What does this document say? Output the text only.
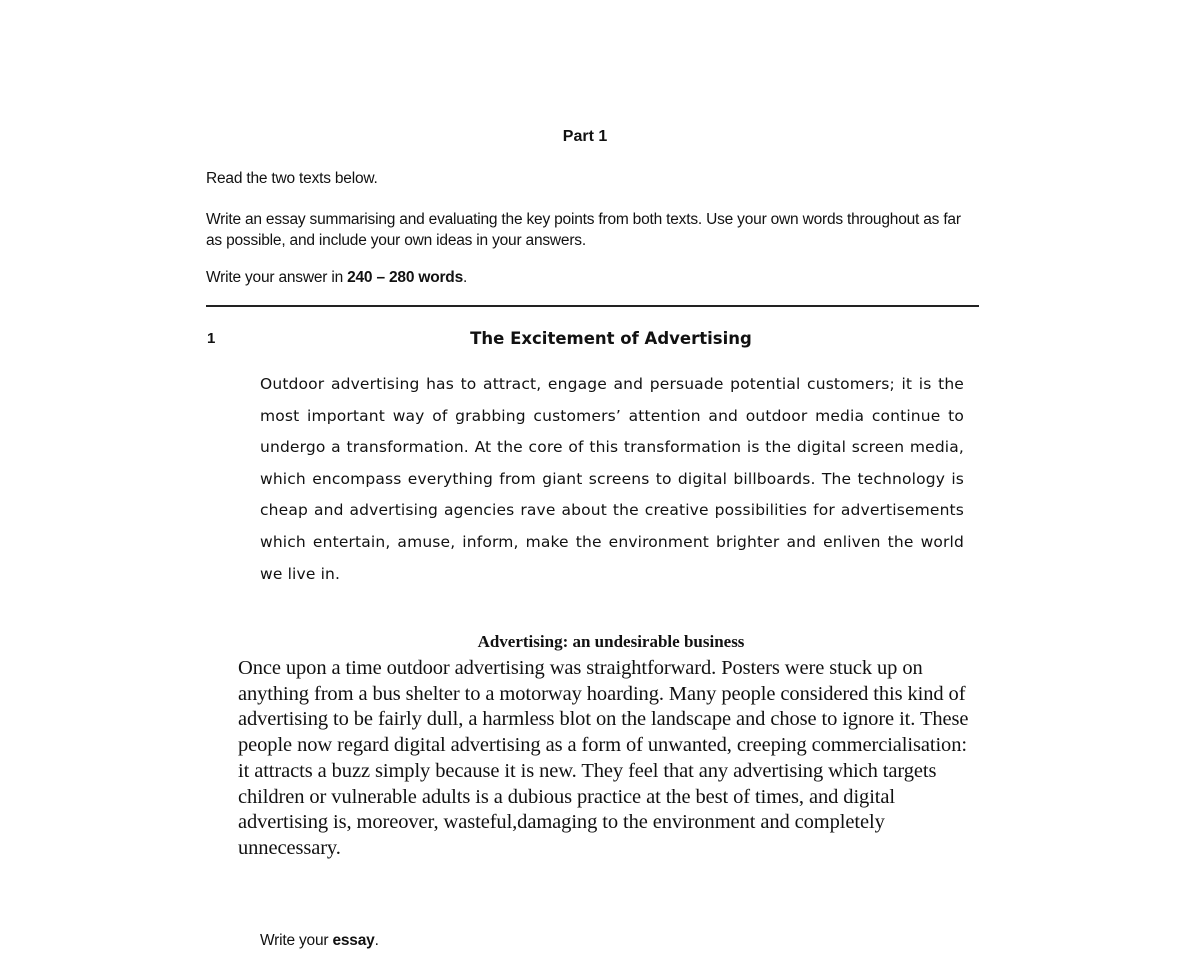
Part 1
Read the two texts below.
Write an essay summarising and evaluating the key points from both texts. Use your own words throughout as far as possible, and include your own ideas in your answers.
Write your answer in 240 – 280 words.
1	The Excitement of Advertising
Outdoor advertising has to attract, engage and persuade potential customers; it is the most important way of grabbing customers’ attention and outdoor media continue to undergo a transformation. At the core of this transformation is the digital screen media, which encompass everything from giant screens to digital billboards. The technology is cheap and advertising agencies rave about the creative possibilities for advertisements which entertain, amuse, inform, make the environment brighter and enliven the world we live in.
Advertising: an undesirable business
Once upon a time outdoor advertising was straightforward. Posters were stuck up on anything from a bus shelter to a motorway hoarding. Many people considered this kind of advertising to be fairly dull, a harmless blot on the landscape and chose to ignore it. These people now regard digital advertising as a form of unwanted, creeping commercialisation: it attracts a buzz simply because it is new. They feel that any advertising which targets children or vulnerable adults is a dubious practice at the best of times, and digital advertising is, moreover, wasteful,damaging to the environment and completely unnecessary.
Write your essay.
